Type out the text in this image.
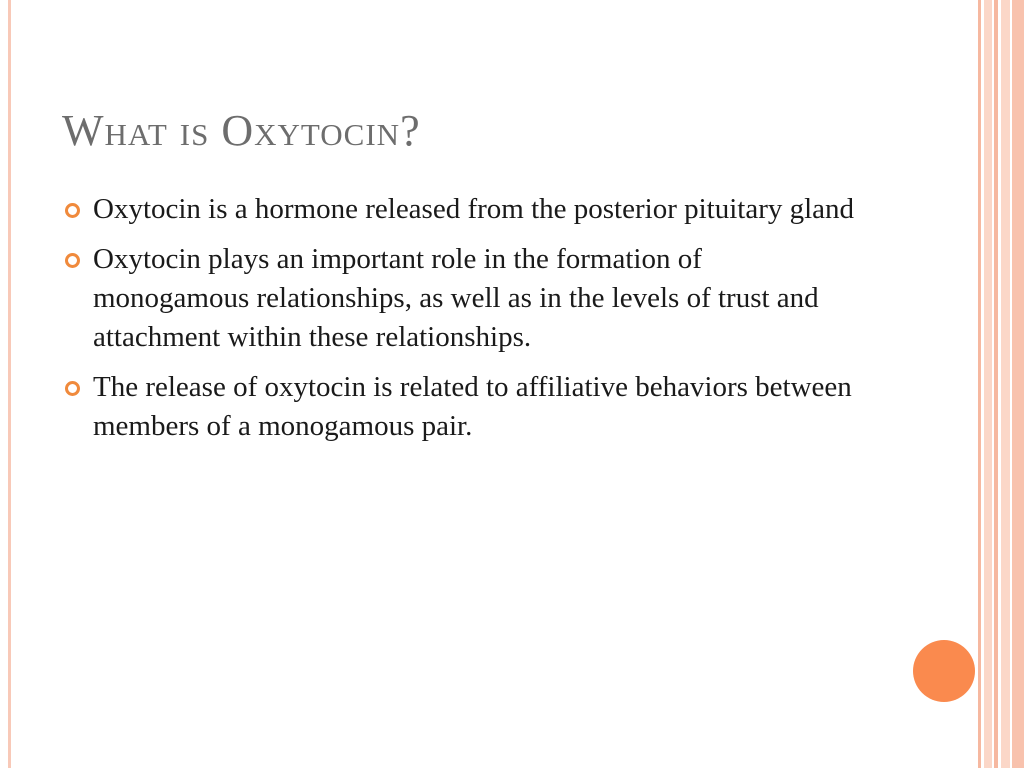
What is Oxytocin?
Oxytocin is a hormone released from the posterior pituitary gland
Oxytocin plays an important role in the formation of monogamous relationships, as well as in the levels of trust and attachment within these relationships.
The release of oxytocin is related to affiliative behaviors between members of a monogamous pair.
